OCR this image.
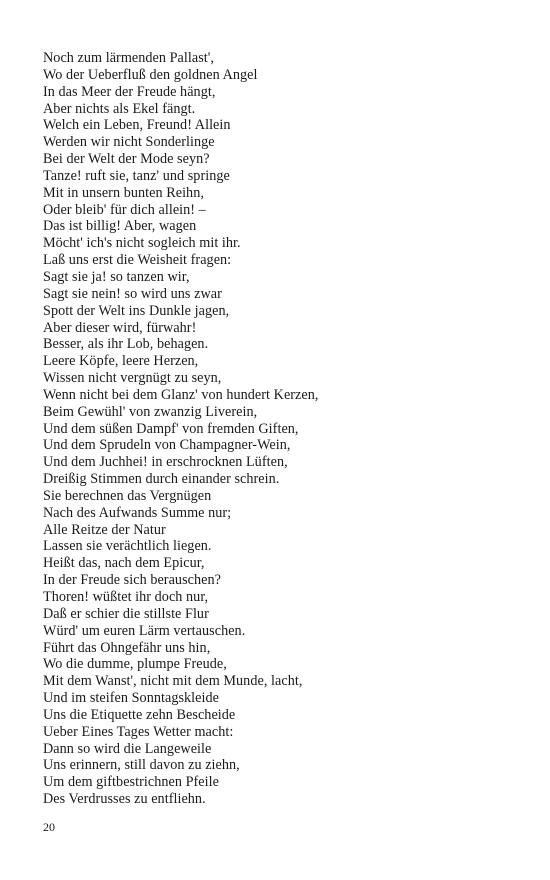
Noch zum lärmenden Pallast',
Wo der Ueberfluß den goldnen Angel
In das Meer der Freude hängt,
Aber nichts als Ekel fängt.
Welch ein Leben, Freund! Allein
Werden wir nicht Sonderlinge
Bei der Welt der Mode seyn?
Tanze! ruft sie, tanz' und springe
Mit in unsern bunten Reihn,
Oder bleib' für dich allein! –
Das ist billig! Aber, wagen
Möcht' ich's nicht sogleich mit ihr.
Laß uns erst die Weisheit fragen:
Sagt sie ja! so tanzen wir,
Sagt sie nein! so wird uns zwar
Spott der Welt ins Dunkle jagen,
Aber dieser wird, fürwahr!
Besser, als ihr Lob, behagen.
Leere Köpfe, leere Herzen,
Wissen nicht vergnügt zu seyn,
Wenn nicht bei dem Glanz' von hundert Kerzen,
Beim Gewühl' von zwanzig Liverein,
Und dem süßen Dampf' von fremden Giften,
Und dem Sprudeln von Champagner-Wein,
Und dem Juchhei! in erschrocknen Lüften,
Dreißig Stimmen durch einander schrein.
Sie berechnen das Vergnügen
Nach des Aufwands Summe nur;
Alle Reitze der Natur
Lassen sie verächtlich liegen.
Heißt das, nach dem Epicur,
In der Freude sich berauschen?
Thoren! wüßtet ihr doch nur,
Daß er schier die stillste Flur
Würd' um euren Lärm vertauschen.
Führt das Ohngefähr uns hin,
Wo die dumme, plumpe Freude,
Mit dem Wanst', nicht mit dem Munde, lacht,
Und im steifen Sonntagskleide
Uns die Etiquette zehn Bescheide
Ueber Eines Tages Wetter macht:
Dann so wird die Langeweile
Uns erinnern, still davon zu ziehn,
Um dem giftbestrichnen Pfeile
Des Verdrusses zu entfliehn.
20
